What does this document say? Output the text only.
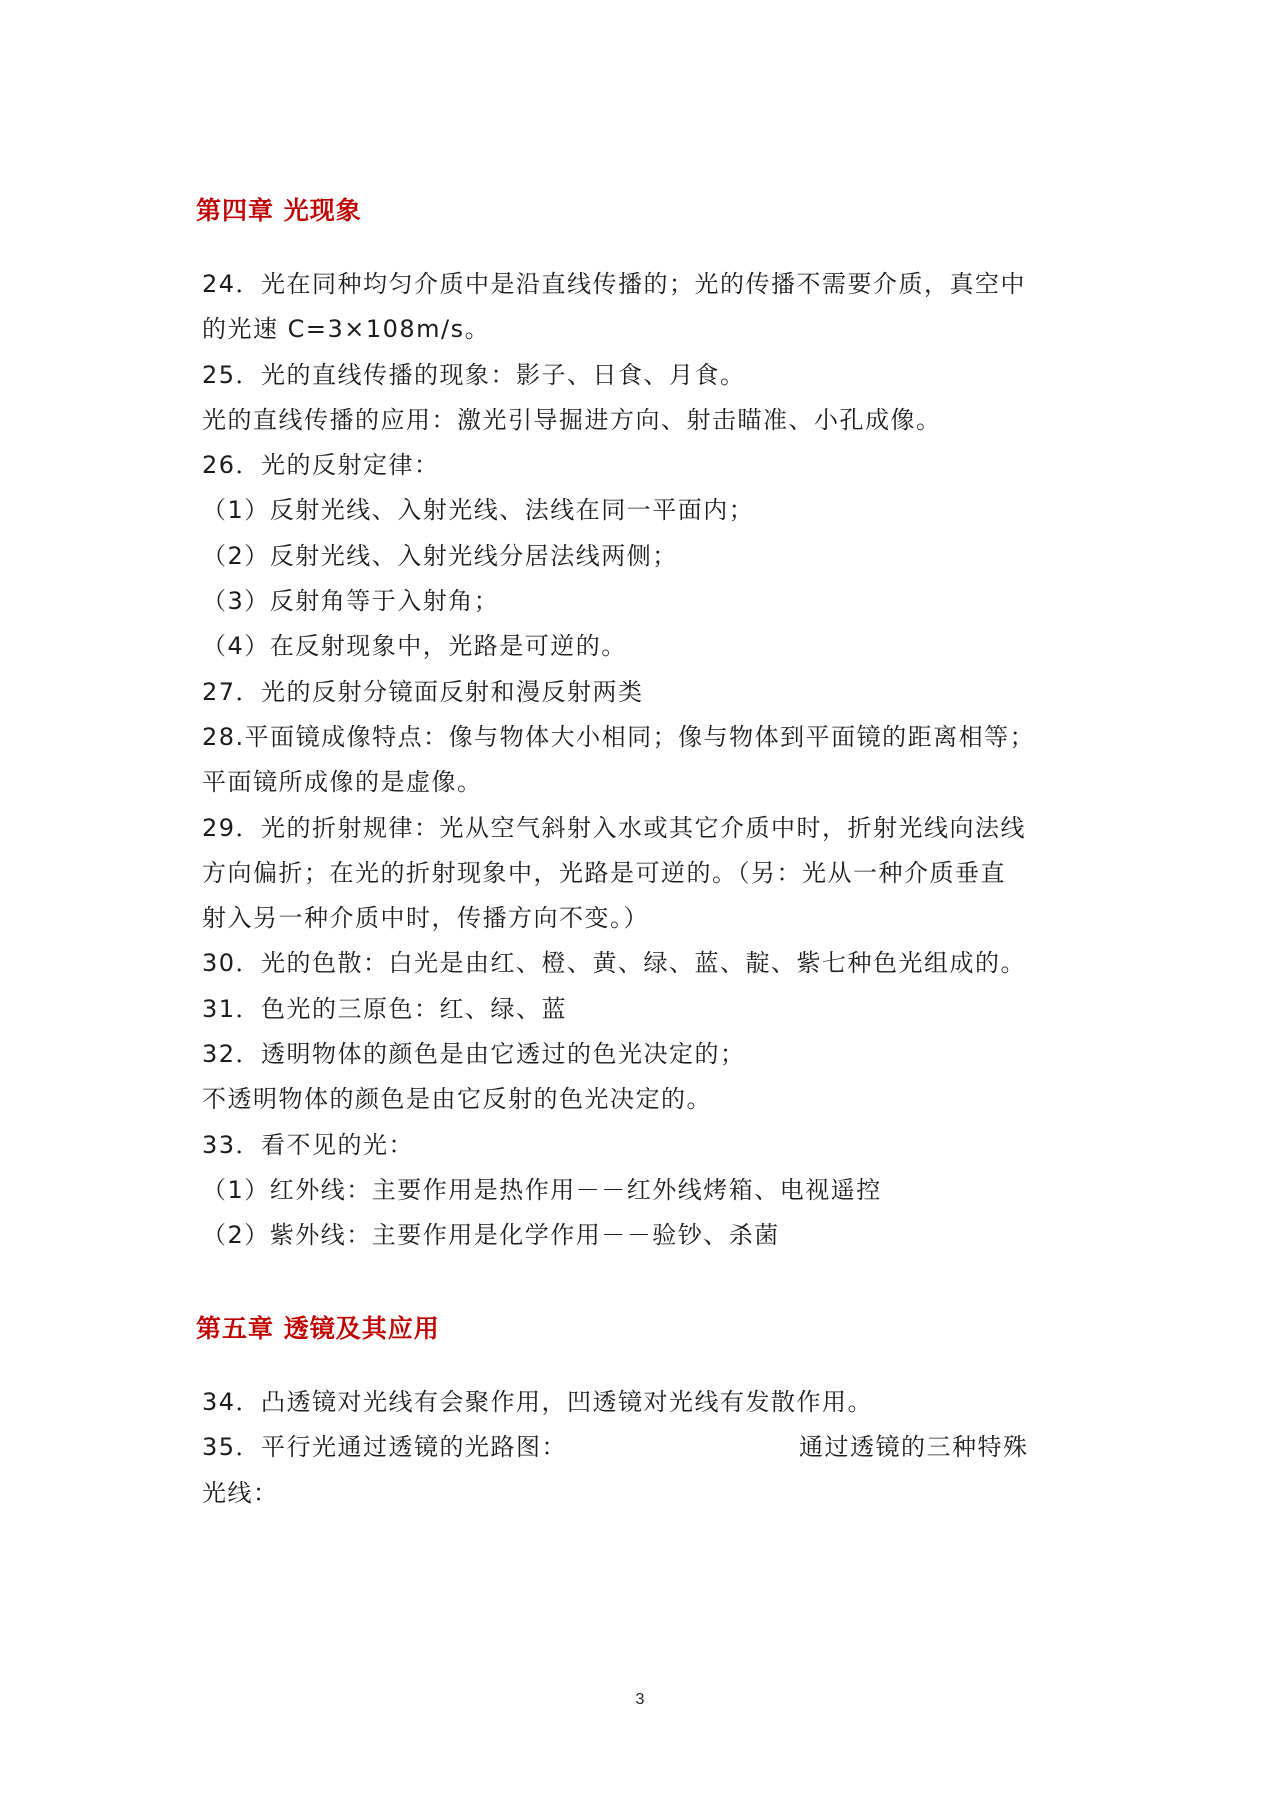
第四章 光现象
24．光在同种均匀介质中是沿直线传播的；光的传播不需要介质，真空中
的光速 C=3×108m/s。
25．光的直线传播的现象：影子、日食、月食。
光的直线传播的应用：激光引导掘进方向、射击瞄准、小孔成像。
26．光的反射定律：
（1）反射光线、入射光线、法线在同一平面内；
（2）反射光线、入射光线分居法线两侧；
（3）反射角等于入射角；
（4）在反射现象中，光路是可逆的。
27．光的反射分镜面反射和漫反射两类
28.平面镜成像特点：像与物体大小相同；像与物体到平面镜的距离相等；
平面镜所成像的是虚像。
29．光的折射规律：光从空气斜射入水或其它介质中时，折射光线向法线
方向偏折；在光的折射现象中，光路是可逆的。（另：光从一种介质垂直
射入另一种介质中时，传播方向不变。）
30．光的色散：白光是由红、橙、黄、绿、蓝、靛、紫七种色光组成的。
31．色光的三原色：红、绿、蓝
32．透明物体的颜色是由它透过的色光决定的；
不透明物体的颜色是由它反射的色光决定的。
33．看不见的光：
（1）红外线：主要作用是热作用－－红外线烤箱、电视遥控
（2）紫外线：主要作用是化学作用－－验钞、杀菌
第五章 透镜及其应用
34．凸透镜对光线有会聚作用，凹透镜对光线有发散作用。
35．平行光通过透镜的光路图：	通过透镜的三种特殊
光线：
3
